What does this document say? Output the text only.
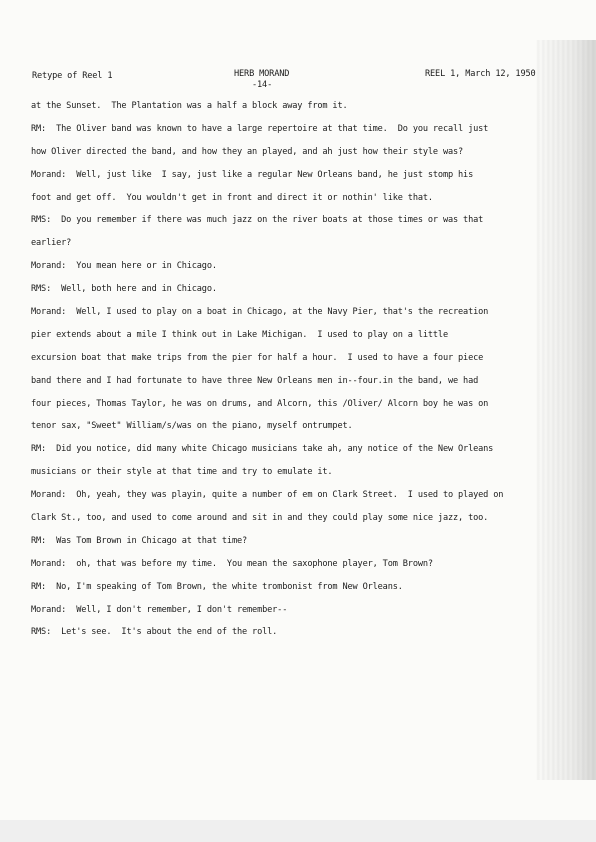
Retype of Reel 1	HERB MORAND
-14-
REEL 1, March 12, 1950
at the Sunset.  The Plantation was a half a block away from it.
RM:  The Oliver band was known to have a large repertoire at that time.  Do you recall just
how Oliver directed the band, and how they an played, and ah just how their style was?
Morand:  Well, just like  I say, just like a regular New Orleans band, he just stomp his
foot and get off.  You wouldn't get in front and direct it or nothin' like that.
RMS:  Do you remember if there was much jazz on the river boats at those times or was that
earlier?
Morand:  You mean here or in Chicago.
RMS:  Well, both here and in Chicago.
Morand:  Well, I used to play on a boat in Chicago, at the Navy Pier, that's the recreation
pier extends about a mile I think out in Lake Michigan.  I used to play on a little
excursion boat that make trips from the pier for half a hour.  I used to have a four piece
band there and I had fortunate to have three New Orleans men in--four.in the band, we had
four pieces, Thomas Taylor, he was on drums, and Alcorn, this /Oliver/ Alcorn boy he was on
tenor sax, "Sweet" William/s/was on the piano, myself ontrumpet.
RM:  Did you notice, did many white Chicago musicians take ah, any notice of the New Orleans
musicians or their style at that time and try to emulate it.
Morand:  Oh, yeah, they was playin, quite a number of em on Clark Street.  I used to played on
Clark St., too, and used to come around and sit in and they could play some nice jazz, too.
RM:  Was Tom Brown in Chicago at that time?
Morand:  oh, that was before my time.  You mean the saxophone player, Tom Brown?
RM:  No, I'm speaking of Tom Brown, the white trombonist from New Orleans.
Morand:  Well, I don't remember, I don't remember--
RMS:  Let's see.  It's about the end of the roll.
